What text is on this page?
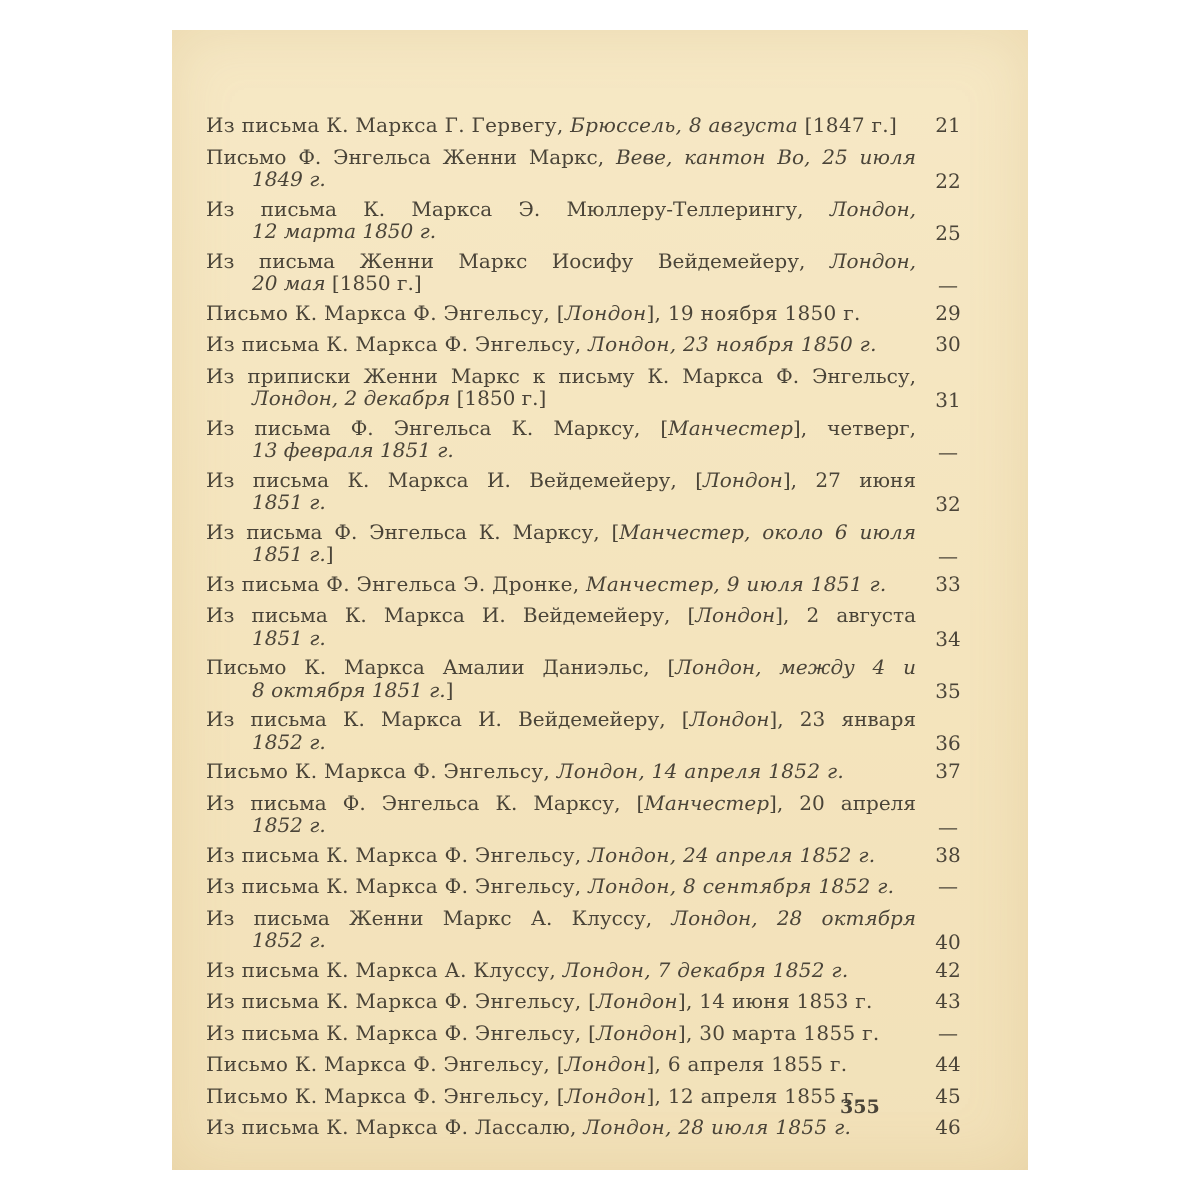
Из письма К. Маркса Г. Гервегу, Брюссель, 8 августа [1847 г.]	21
Письмо Ф. Энгельса Женни Маркс, Веве, кантон Во, 25 июля
1849 г.	22
Из письма К. Маркса Э. Мюллеру-Теллерингу, Лондон,
12 марта 1850 г.	25
Из письма Женни Маркс Иосифу Вейдемейеру, Лондон,
20 мая [1850 г.]	—
Письмо К. Маркса Ф. Энгельсу, [Лондон], 19 ноября 1850 г.	29
Из письма К. Маркса Ф. Энгельсу, Лондон, 23 ноября 1850 г.	30
Из приписки Женни Маркс к письму К. Маркса Ф. Энгельсу,
Лондон, 2 декабря [1850 г.]	31
Из письма Ф. Энгельса К. Марксу, [Манчестер], четверг,
13 февраля 1851 г.	—
Из письма К. Маркса И. Вейдемейеру, [Лондон], 27 июня
1851 г.	32
Из письма Ф. Энгельса К. Марксу, [Манчестер, около 6 июля
1851 г.]	—
Из письма Ф. Энгельса Э. Дронке, Манчестер, 9 июля 1851 г.	33
Из письма К. Маркса И. Вейдемейеру, [Лондон], 2 августа
1851 г.	34
Письмо К. Маркса Амалии Даниэльс, [Лондон, между 4 и
8 октября 1851 г.]	35
Из письма К. Маркса И. Вейдемейеру, [Лондон], 23 января
1852 г.	36
Письмо К. Маркса Ф. Энгельсу, Лондон, 14 апреля 1852 г.	37
Из письма Ф. Энгельса К. Марксу, [Манчестер], 20 апреля
1852 г.	—
Из письма К. Маркса Ф. Энгельсу, Лондон, 24 апреля 1852 г.	38
Из письма К. Маркса Ф. Энгельсу, Лондон, 8 сентября 1852 г.	—
Из письма Женни Маркс А. Клуссу, Лондон, 28 октября
1852 г.	40
Из письма К. Маркса А. Клуссу, Лондон, 7 декабря 1852 г.	42
Из письма К. Маркса Ф. Энгельсу, [Лондон], 14 июня 1853 г.	43
Из письма К. Маркса Ф. Энгельсу, [Лондон], 30 марта 1855 г.	—
Письмо К. Маркса Ф. Энгельсу, [Лондон], 6 апреля 1855 г.	44
Письмо К. Маркса Ф. Энгельсу, [Лондон], 12 апреля 1855 г.	45
Из письма К. Маркса Ф. Лассалю, Лондон, 28 июля 1855 г.	46
355
